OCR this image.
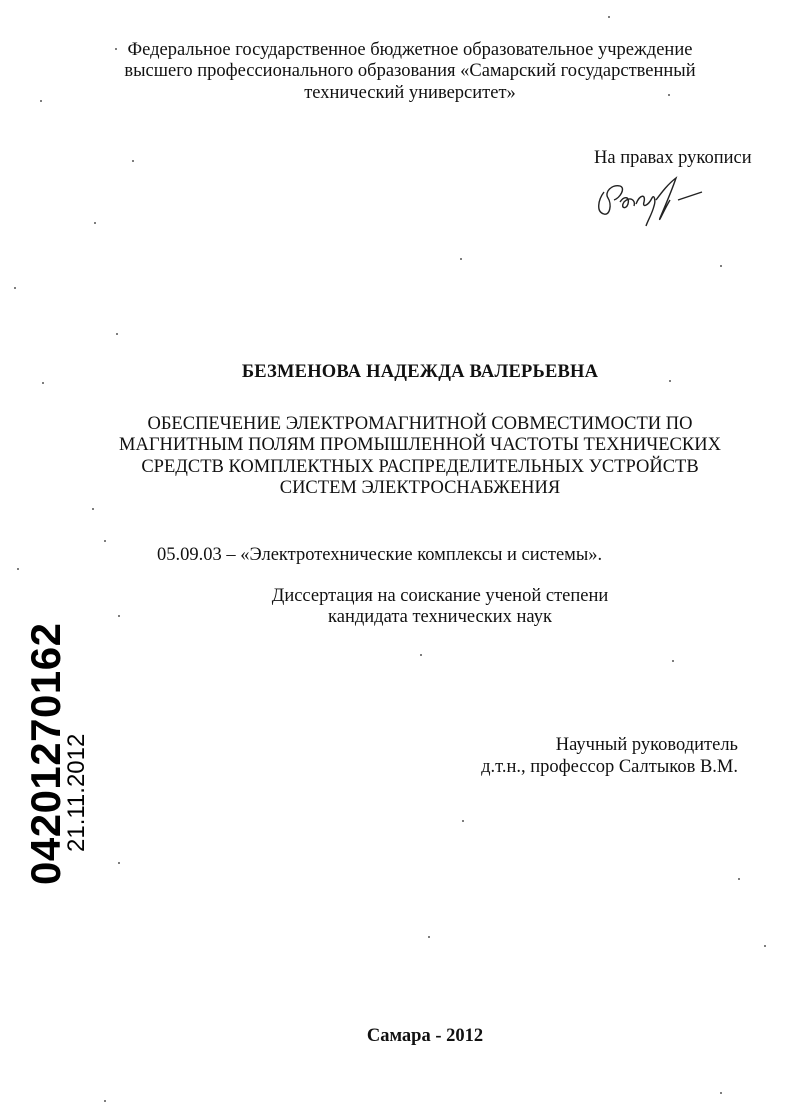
Федеральное государственное бюджетное образовательное учреждение
высшего профессионального образования «Самарский государственный
технический университет»
На правах рукописи
БЕЗМЕНОВА НАДЕЖДА ВАЛЕРЬЕВНА
ОБЕСПЕЧЕНИЕ ЭЛЕКТРОМАГНИТНОЙ СОВМЕСТИМОСТИ ПО
МАГНИТНЫМ ПОЛЯМ ПРОМЫШЛЕННОЙ ЧАСТОТЫ ТЕХНИЧЕСКИХ
СРЕДСТВ КОМПЛЕКТНЫХ РАСПРЕДЕЛИТЕЛЬНЫХ УСТРОЙСТВ
СИСТЕМ ЭЛЕКТРОСНАБЖЕНИЯ
05.09.03 – «Электротехнические комплексы и системы».
Диссертация на соискание ученой степени
кандидата технических наук
Научный руководитель
д.т.н., профессор Салтыков В.М.
Самара - 2012
04201270162
21.11.2012
